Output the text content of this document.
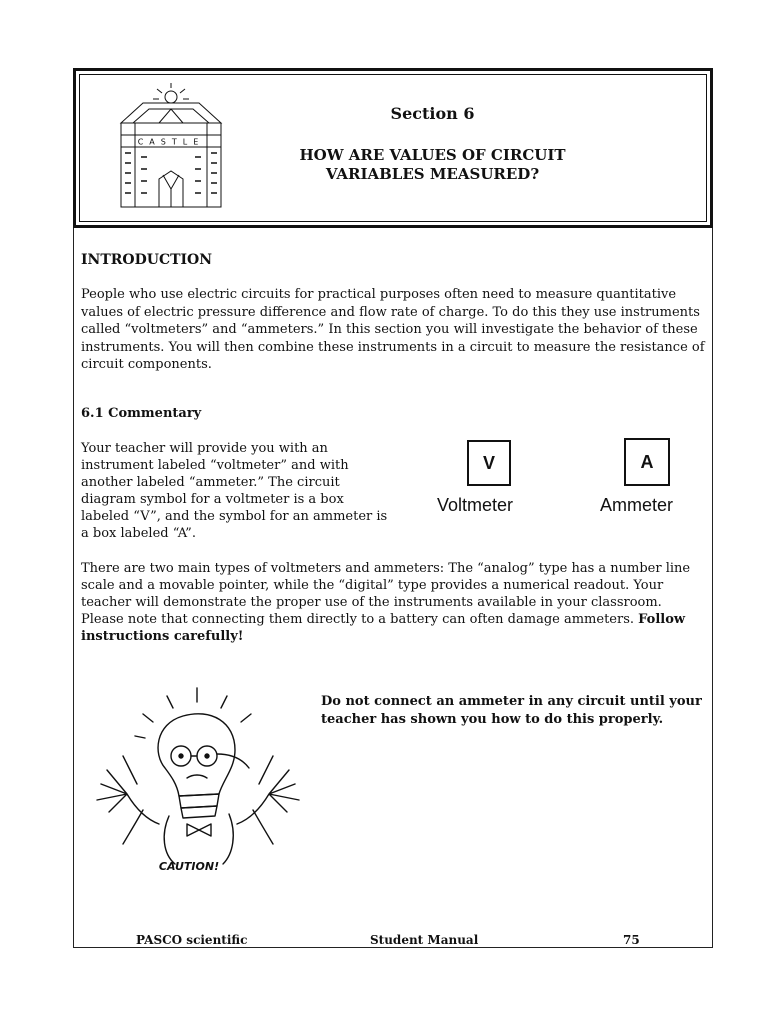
CASTLE
Section 6
HOW ARE VALUES OF CIRCUIT VARIABLES MEASURED?
INTRODUCTION
People who use electric circuits for practical purposes often need to measure quantitative values of electric pressure difference and flow rate of charge. To do this they use instruments called “voltmeters” and “ammeters.” In this section you will investigate the behavior of these instruments. You will then combine these instruments in a circuit to measure the resistance of circuit components.
6.1 Commentary
Your teacher will provide you with an instrument labeled “voltmeter” and with another labeled “ammeter.” The circuit diagram symbol for a voltmeter is a box labeled “V”, and the symbol for an ammeter is a box labeled “A”.
V
Voltmeter
A
Ammeter
There are two main types of voltmeters and ammeters: The “analog” type has a number line scale and a movable pointer, while the “digital” type provides a numerical readout. Your teacher will demonstrate the proper use of the instruments available in your classroom. Please note that connecting them directly to a battery can often damage ammeters. Follow instructions carefully!
CAUTION!
Do not connect an ammeter in any circuit until your teacher has shown you how to do this properly.
PASCO scientific	Student Manual	75
